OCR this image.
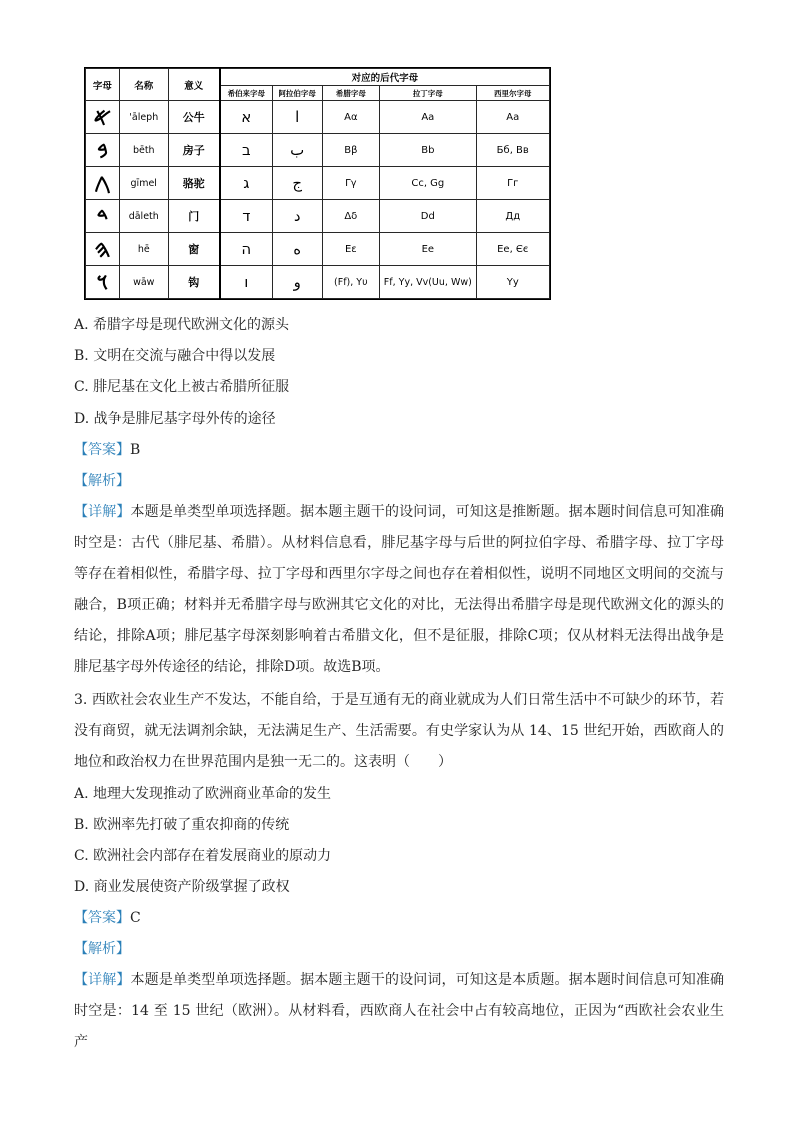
字母	名称	意义	对应的后代字母				
			希伯来字母	阿拉伯字母	希腊字母	拉丁字母	西里尔字母
𐤀	'āleph	公牛	א	ا	Aα	Aa	Aa
𐤁	bēth	房子	ב	ب	Bβ	Bb	Бб, Вв
𐤂	gīmel	骆驼	ג	ج	Γγ	Cc, Gg	Гг
𐤃	dāleth	门	ד	د	Δδ	Dd	Дд
𐤄	hē	窗	ה	ه	Eε	Ee	Ee, Єє
𐤅	wāw	钩	ו	و	(Ff), Yυ	Ff, Yy, Vv(Uu, Ww)	Yy
A. 希腊字母是现代欧洲文化的源头
B. 文明在交流与融合中得以发展
C. 腓尼基在文化上被古希腊所征服
D. 战争是腓尼基字母外传的途径
【答案】B
【解析】
【详解】本题是单类型单项选择题。据本题主题干的设问词，可知这是推断题。据本题时间信息可知准确时空是：古代（腓尼基、希腊）。从材料信息看，腓尼基字母与后世的阿拉伯字母、希腊字母、拉丁字母等存在着相似性，希腊字母、拉丁字母和西里尔字母之间也存在着相似性，说明不同地区文明间的交流与融合，B项正确；材料并无希腊字母与欧洲其它文化的对比，无法得出希腊字母是现代欧洲文化的源头的结论，排除A项；腓尼基字母深刻影响着古希腊文化，但不是征服，排除C项；仅从材料无法得出战争是腓尼基字母外传途径的结论，排除D项。故选B项。
3. 西欧社会农业生产不发达，不能自给，于是互通有无的商业就成为人们日常生活中不可缺少的环节，若没有商贸，就无法调剂余缺，无法满足生产、生活需要。有史学家认为从 14、15 世纪开始，西欧商人的地位和政治权力在世界范围内是独一无二的。这表明（　　）
A. 地理大发现推动了欧洲商业革命的发生
B. 欧洲率先打破了重农抑商的传统
C. 欧洲社会内部存在着发展商业的原动力
D. 商业发展使资产阶级掌握了政权
【答案】C
【解析】
【详解】本题是单类型单项选择题。据本题主题干的设问词，可知这是本质题。据本题时间信息可知准确时空是：14 至 15 世纪（欧洲）。从材料看，西欧商人在社会中占有较高地位，正因为“西欧社会农业生产
